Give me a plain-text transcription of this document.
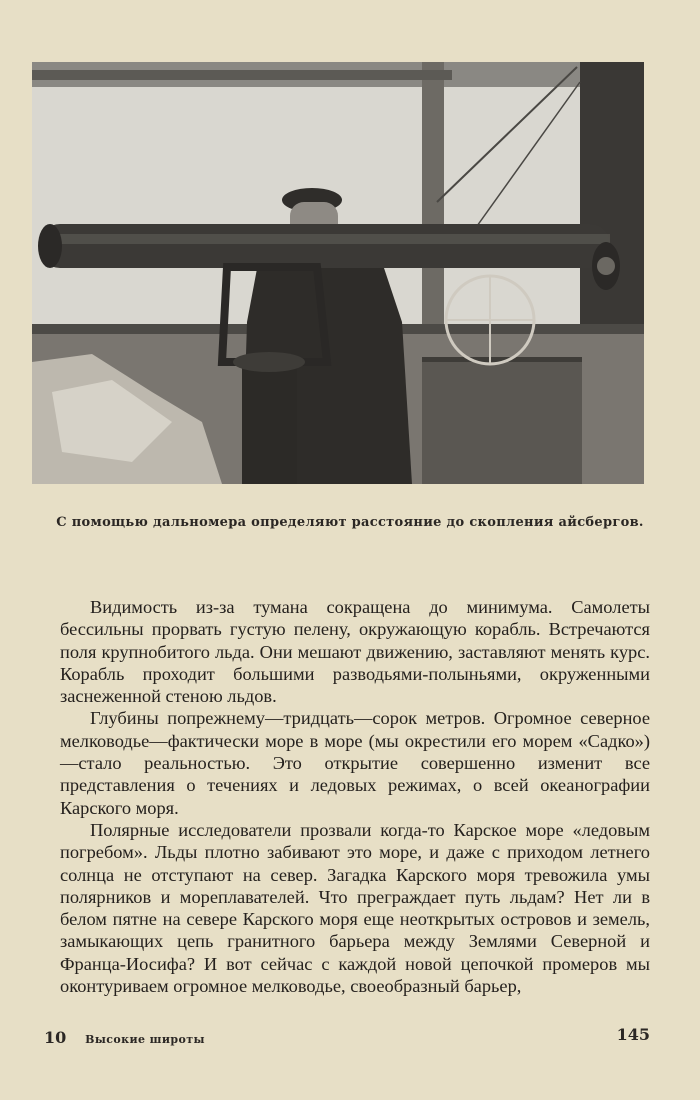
С помощью дальномера определяют расстояние до скопления айсбергов.

Видимость из-за тумана сокращена до минимума. Самолеты бессильны прорвать густую пелену, окружающую корабль. Встречаются поля крупнобитого льда. Они мешают движению, заставляют менять курс. Корабль проходит большими разводьями-полыньями, окруженными заснеженной стеною льдов.

Глубины попрежнему—тридцать—сорок метров. Огромное северное мелководье—фактически море в море (мы окрестили его морем «Садко»)—стало реальностью. Это открытие совершенно изменит все представления о течениях и ледовых режимах, о всей океанографии Карского моря.

Полярные исследователи прозвали когда-то Карское море «ледовым погребом». Льды плотно забивают это море, и даже с приходом летнего солнца не отступают на север. Загадка Карского моря тревожила умы полярников и мореплавателей. Что преграждает путь льдам? Нет ли в белом пятне на севере Карского моря еще неоткрытых островов и земель, замыкающих цепь гранитного барьера между Землями Северной и Франца-Иосифа? И вот сейчас с каждой новой цепочкой промеров мы оконтуриваем огромное мелководье, своеобразный барьер,

10 Высокие широты	145
